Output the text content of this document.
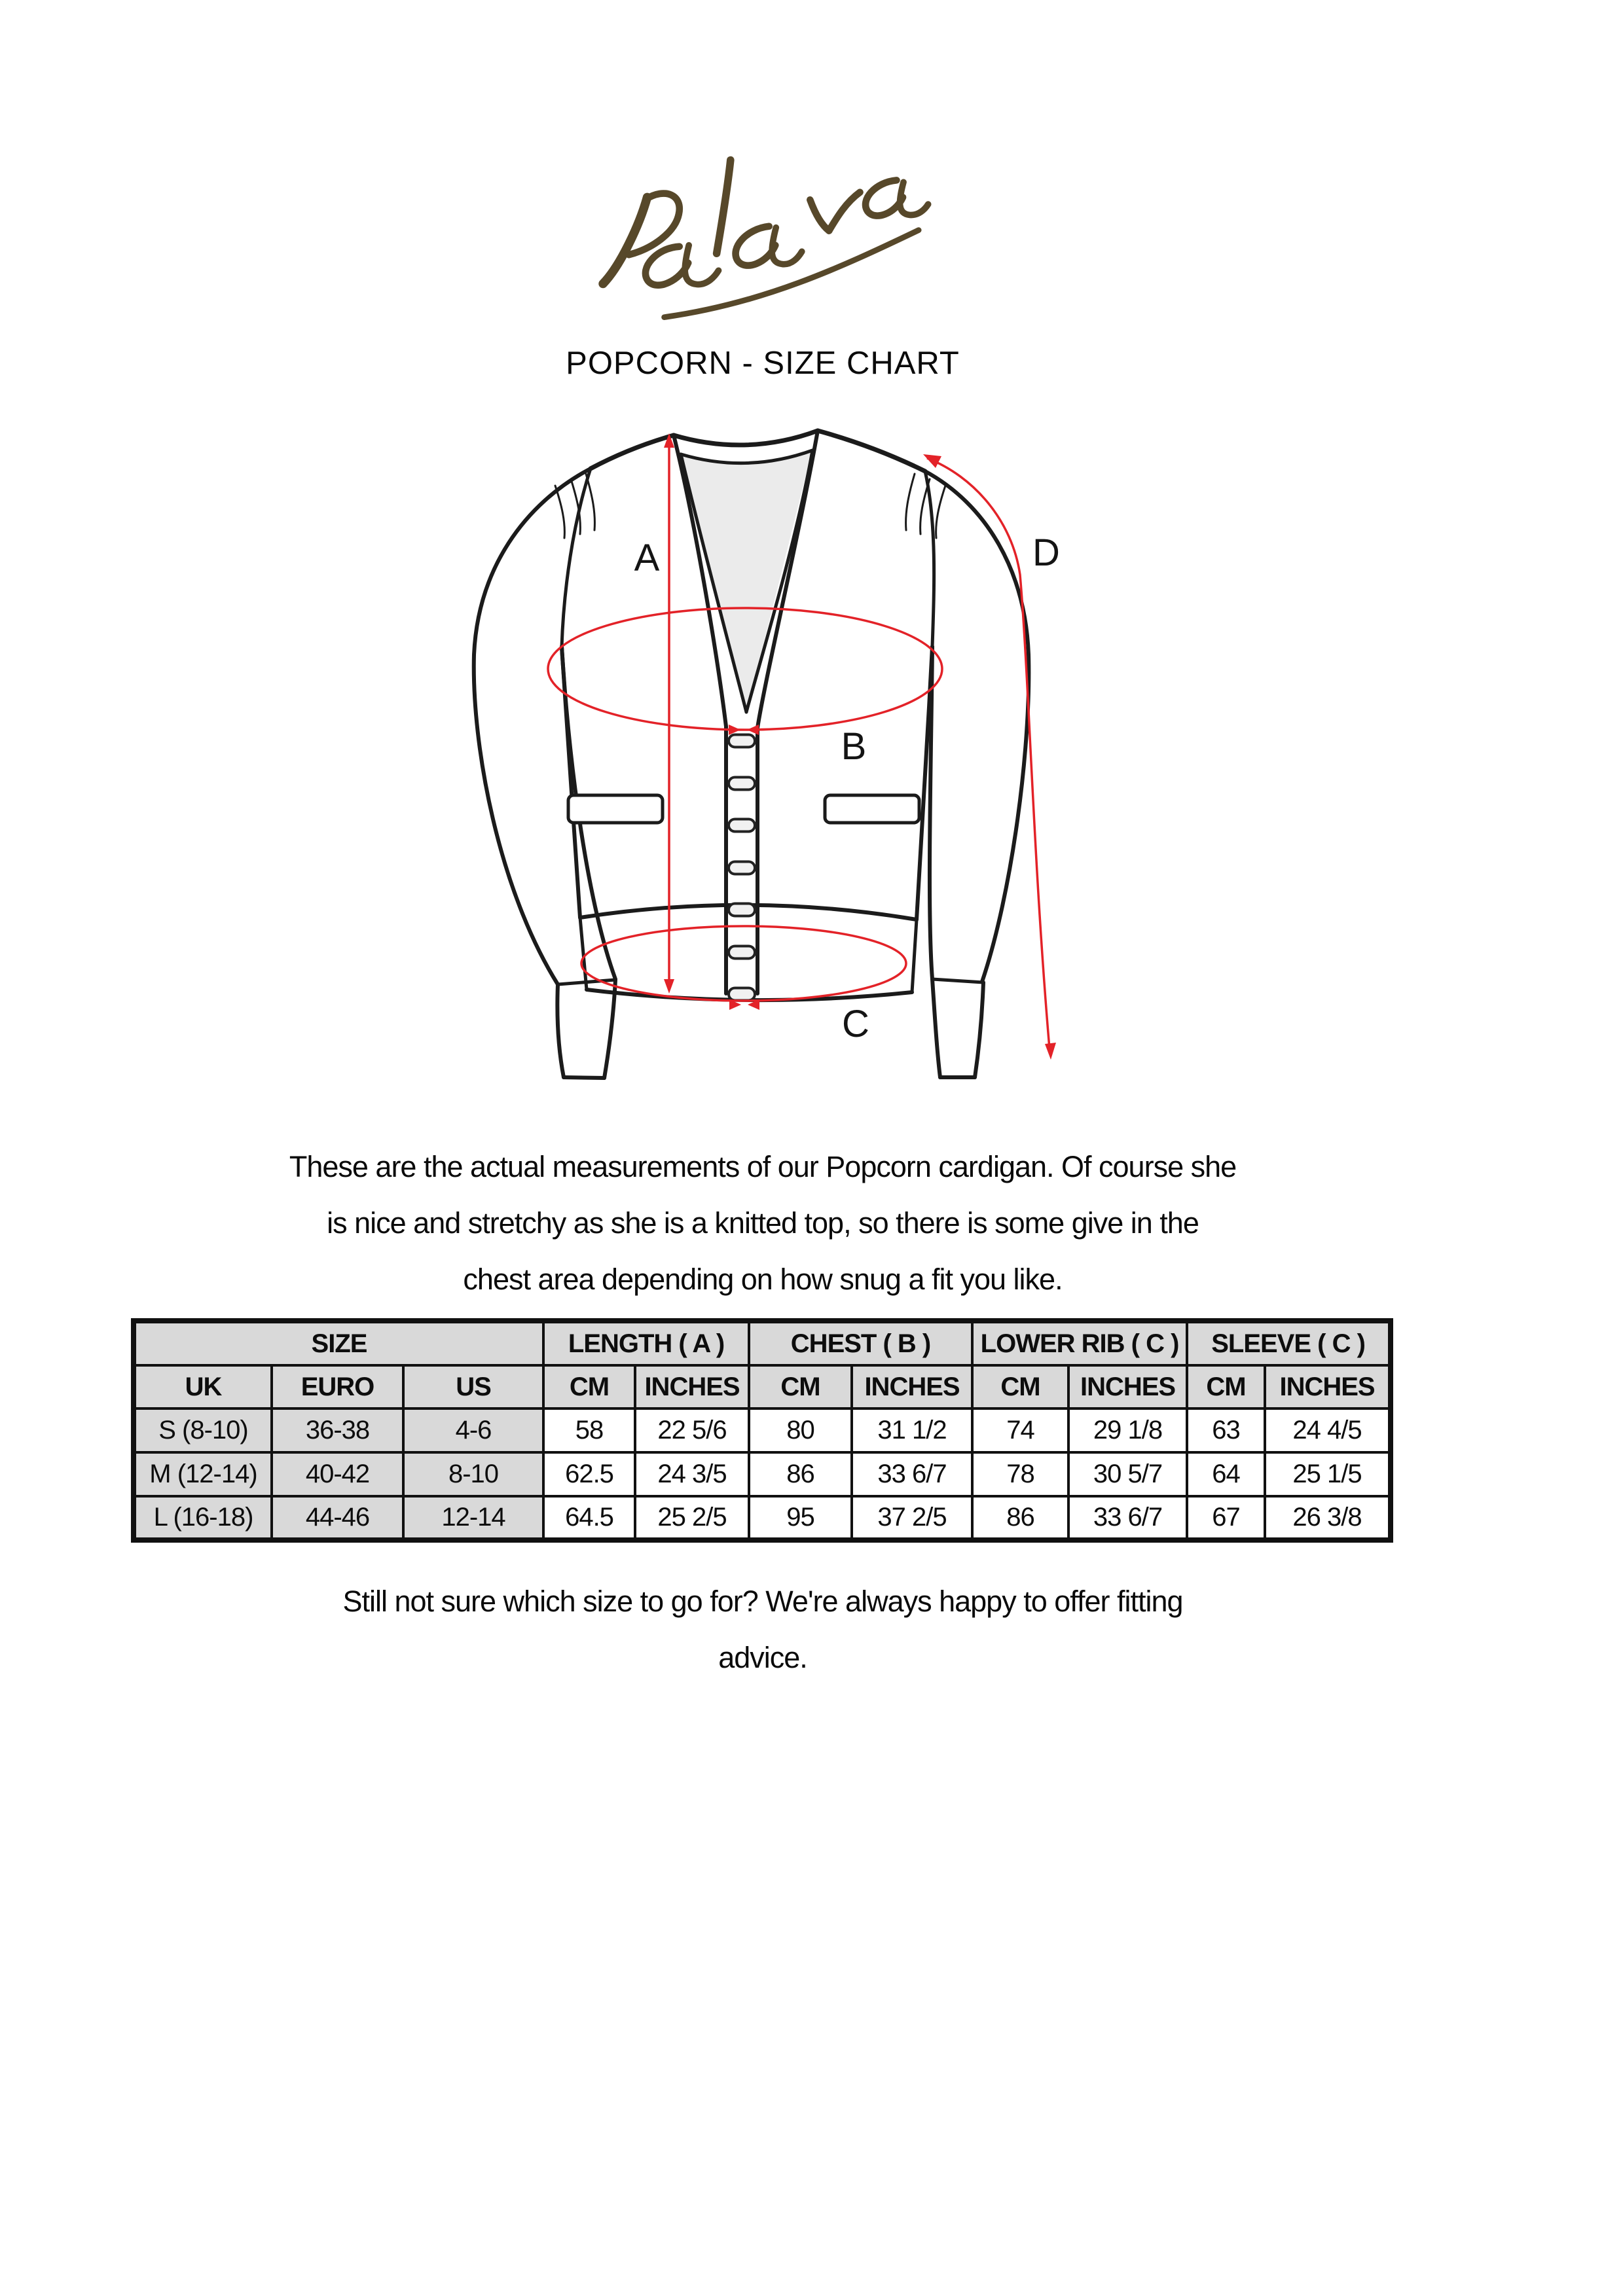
POPCORN - SIZE CHART
A
B
C
D
These are the actual measurements of our Popcorn cardigan. Of course she
is nice and stretchy as she is a knitted top, so there is some give in the
chest area depending on how snug a fit you like.
SIZE			LENGTH ( A )		CHEST ( B )		LOWER RIB ( C )		SLEEVE ( C )	
UK	EURO	US	CM	INCHES	CM	INCHES	CM	INCHES	CM	INCHES
S (8-10)	36-38	4-6	58	22 5/6	80	31 1/2	74	29 1/8	63	24 4/5
M (12-14)	40-42	8-10	62.5	24 3/5	86	33 6/7	78	30 5/7	64	25 1/5
L (16-18)	44-46	12-14	64.5	25 2/5	95	37 2/5	86	33 6/7	67	26 3/8
Still not sure which size to go for? We're always happy to offer fitting
advice.
